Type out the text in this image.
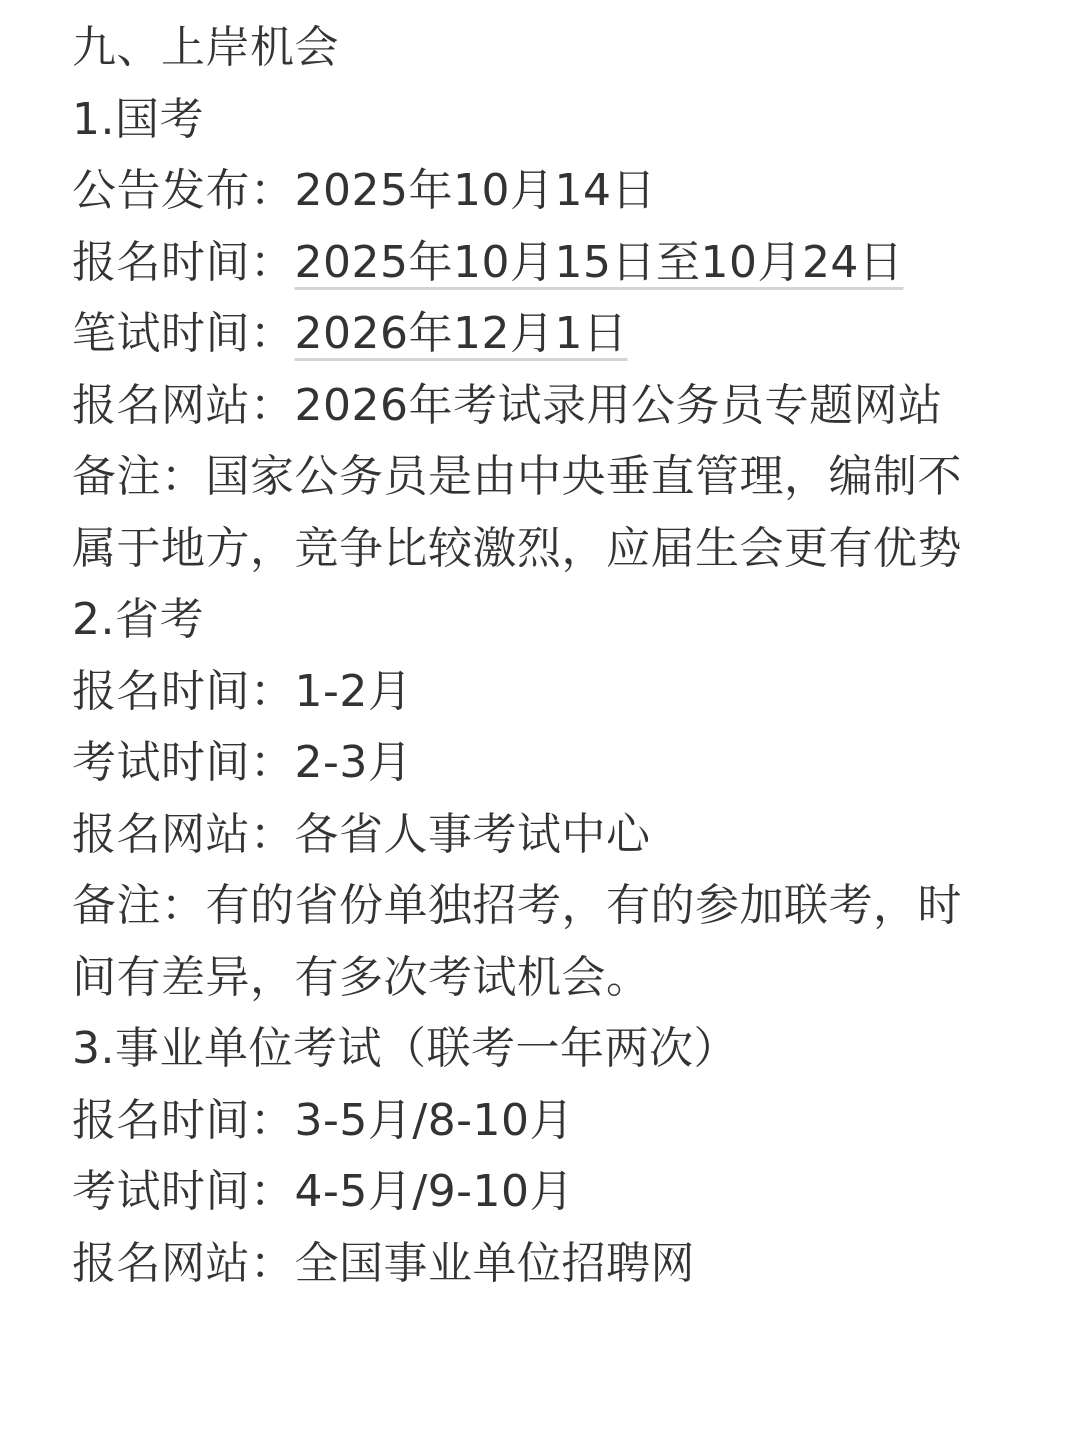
九、上岸机会
1.国考
公告发布：2025年10月14日
报名时间：2025年10月15日至10月24日
笔试时间：2026年12月1日
报名网站：2026年考试录用公务员专题网站
备注：国家公务员是由中央垂直管理，编制不
属于地方，竞争比较激烈，应届生会更有优势
2.省考
报名时间：1-2月
考试时间：2-3月
报名网站：各省人事考试中心
备注：有的省份单独招考，有的参加联考，时
间有差异，有多次考试机会。
3.事业单位考试（联考一年两次）
报名时间：3-5月/8-10月
考试时间：4-5月/9-10月
报名网站：全国事业单位招聘网
